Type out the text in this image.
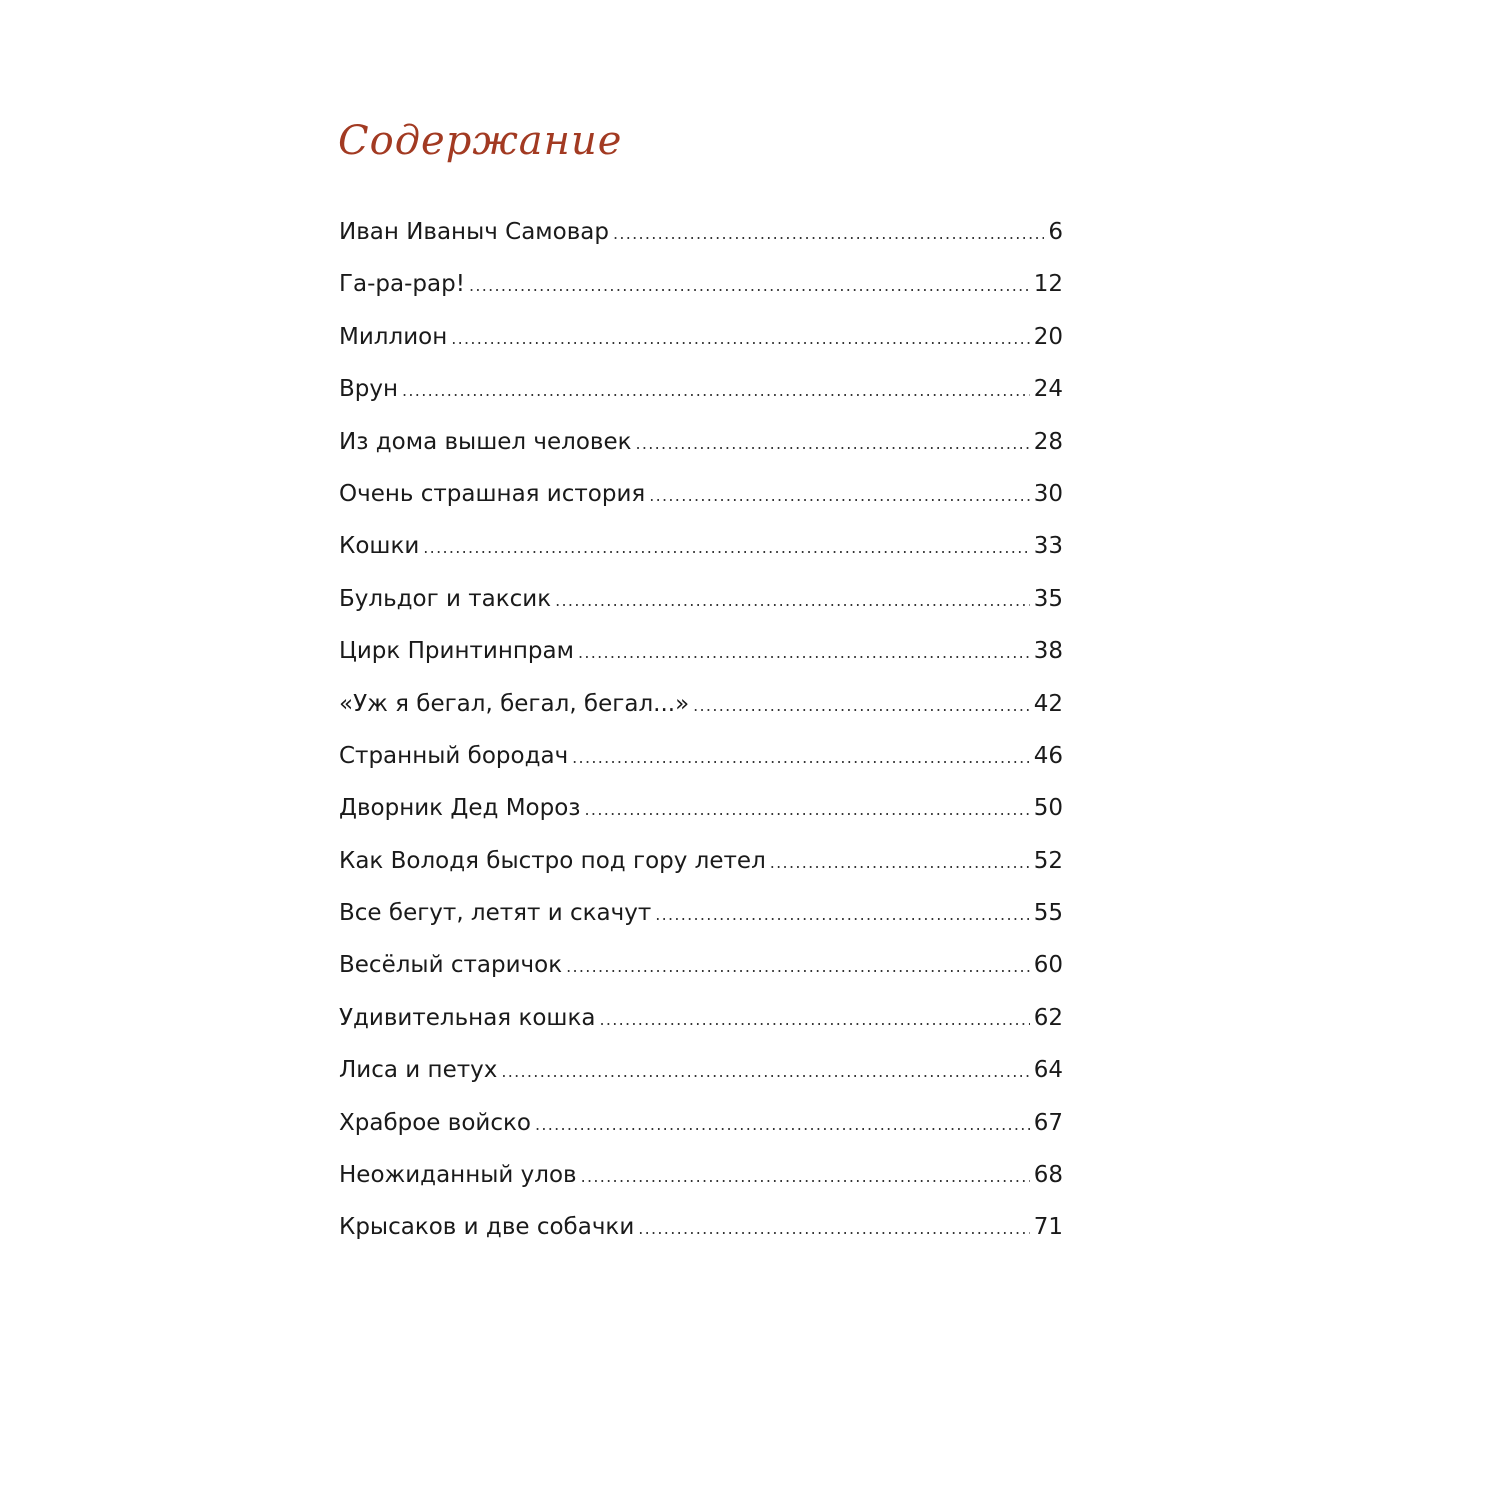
Содержание
Иван Иваныч Самовар .....	6
Га-ра-рар! .....	12
Миллион .....	20
Врун .....	24
Из дома вышел человек .....	28
Очень страшная история .....	30
Кошки .....	33
Бульдог и таксик .....	35
Цирк Принтинпрам .....	38
«Уж я бегал, бегал, бегал...» .....	42
Странный бородач .....	46
Дворник Дед Мороз .....	50
Как Володя быстро под гору летел .....	52
Все бегут, летят и скачут .....	55
Весёлый старичок .....	60
Удивительная кошка .....	62
Лиса и петух .....	64
Храброе войско .....	67
Неожиданный улов .....	68
Крысаков и две собачки .....	71
